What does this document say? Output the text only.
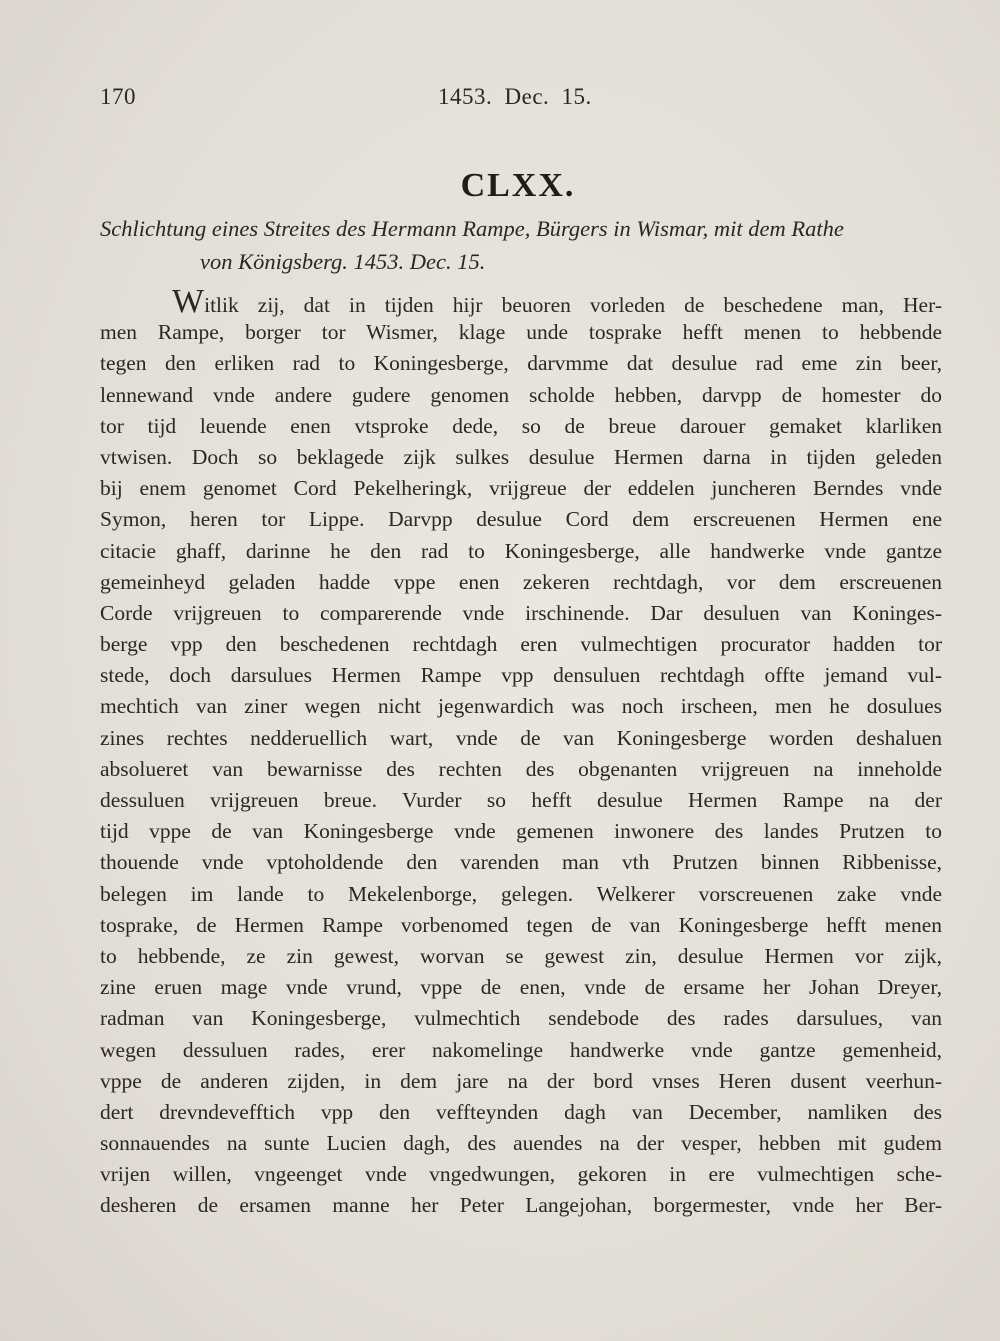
170	1453. Dec. 15.
CLXX.
Schlichtung eines Streites des Hermann Rampe, Bürgers in Wismar, mit dem Rathe
von Königsberg. 1453. Dec. 15.
Witlik zij, dat in tijden hijr beuoren vorleden de beschedene man, Her-
men Rampe, borger tor Wismer, klage unde tosprake hefft menen to hebbende
tegen den erliken rad to Koningesberge, darvmme dat desulue rad eme zin beer,
lennewand vnde andere gudere genomen scholde hebben, darvpp de homester do
tor tijd leuende enen vtsproke dede, so de breue darouer gemaket klarliken
vtwisen. Doch so beklagede zijk sulkes desulue Hermen darna in tijden geleden
bij enem genomet Cord Pekelheringk, vrijgreue der eddelen juncheren Berndes vnde
Symon, heren tor Lippe. Darvpp desulue Cord dem erscreuenen Hermen ene
citacie ghaff, darinne he den rad to Koningesberge, alle handwerke vnde gantze
gemeinheyd geladen hadde vppe enen zekeren rechtdagh, vor dem erscreuenen
Corde vrijgreuen to comparerende vnde irschinende. Dar desuluen van Koninges-
berge vpp den beschedenen rechtdagh eren vulmechtigen procurator hadden tor
stede, doch darsulues Hermen Rampe vpp densuluen rechtdagh offte jemand vul-
mechtich van ziner wegen nicht jegenwardich was noch irscheen, men he dosulues
zines rechtes nedderuellich wart, vnde de van Koningesberge worden deshaluen
absolueret van bewarnisse des rechten des obgenanten vrijgreuen na inneholde
dessuluen vrijgreuen breue. Vurder so hefft desulue Hermen Rampe na der
tijd vppe de van Koningesberge vnde gemenen inwonere des landes Prutzen to
thouende vnde vptoholdende den varenden man vth Prutzen binnen Ribbenisse,
belegen im lande to Mekelenborge, gelegen. Welkerer vorscreuenen zake vnde
tosprake, de Hermen Rampe vorbenomed tegen de van Koningesberge hefft menen
to hebbende, ze zin gewest, worvan se gewest zin, desulue Hermen vor zijk,
zine eruen mage vnde vrund, vppe de enen, vnde de ersame her Johan Dreyer,
radman van Koningesberge, vulmechtich sendebode des rades darsulues, van
wegen dessuluen rades, erer nakomelinge handwerke vnde gantze gemenheid,
vppe de anderen zijden, in dem jare na der bord vnses Heren dusent veerhun-
dert drevndevefftich vpp den veffteynden dagh van December, namliken des
sonnauendes na sunte Lucien dagh, des auendes na der vesper, hebben mit gudem
vrijen willen, vngeenget vnde vngedwungen, gekoren in ere vulmechtigen sche-
desheren de ersamen manne her Peter Langejohan, borgermester, vnde her Ber-
